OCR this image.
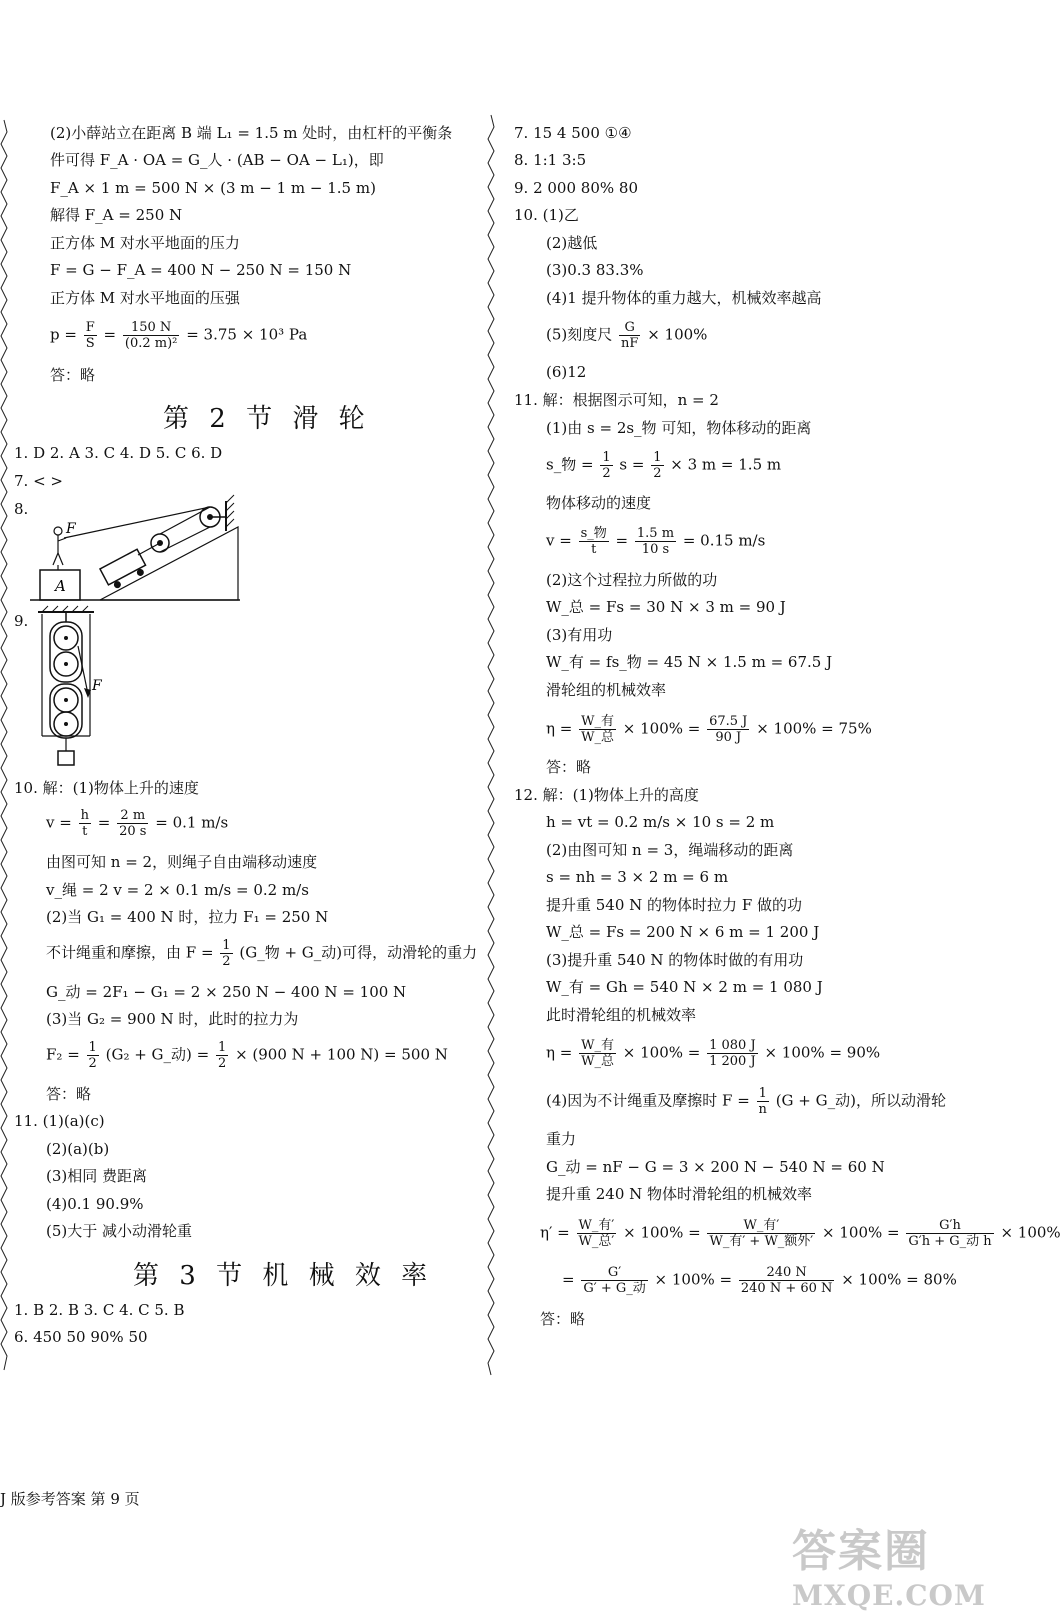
(2)小薛站立在距离 B 端 L₁ = 1.5 m 处时，由杠杆的平衡条
件可得 F_A · OA = G_人 · (AB − OA − L₁)，即
F_A × 1 m = 500 N × (3 m − 1 m − 1.5 m)
解得 F_A = 250 N
正方体 M 对水平地面的压力
F = G − F_A = 400 N − 250 N = 150 N
正方体 M 对水平地面的压强
$p = \frac{F}{S} = \frac{150 N}{\text{(0.2 m)²}} = 3.75 \times 10^3$ Pa
答：略
第 2 节 滑 轮
1. D 2. A 3. C 4. D 5. C 6. D
7. < >
8.
A
F
9.
F
10. 解：(1)物体上升的速度
$v = \frac{h}{t} = \frac{2 m}{20 s} = 0.1$ m/s
由图可知 n = 2，则绳子自由端移动速度
v_绳 = 2 v = 2 × 0.1 m/s = 0.2 m/s
(2)当 G₁ = 400 N 时，拉力 F₁ = 250 N
不计绳重和摩擦，由 $F = \frac{1}{2}$ (G_物 + G_动)可得，动滑轮的重力
G_动 = 2F₁ − G₁ = 2 × 250 N − 400 N = 100 N
(3)当 G₂ = 900 N 时，此时的拉力为
$F_2 = \frac{1}{2} (G_2$ + G_动) = $\frac{1}{2} \times (900$ N + 100 N) = 500 N
答：略
11. (1)(a)(c)
(2)(a)(b)
(3)相同 费距离
(4)0.1 90.9%
(5)大于 减小动滑轮重
第 3 节 机 械 效 率
1. B 2. B 3. C 4. C 5. B
6. 450 50 90% 50
7. 15 4 500 ①④
8. 1:1 3:5
9. 2 000 80% 80
10. (1)乙
(2)越低
(3)0.3 83.3%
(4)1 提升物体的重力越大，机械效率越高
(5)刻度尺 $\frac{G}{nF} \times 100\%$
(6)12
11. 解：根据图示可知，n = 2
(1)由 s = 2s_物 可知，物体移动的距离
s_物 = $\frac{1}{2}$ $s = \frac{1}{2} \times 3$ m = 1.5 m
物体移动的速度
$v = \frac{\text{s\_物}}{t} = \frac{1.5 m}{10 s} = 0.15$ m/s
(2)这个过程拉力所做的功
W_总 = Fs = 30 N × 3 m = 90 J
(3)有用功
W_有 = fs_物 = 45 N × 1.5 m = 67.5 J
滑轮组的机械效率
$\eta = \frac{\text{W\_有}}{\text{W\_总}} \times 100\% = \frac{67.5 J}{90 J} \times 100\% = 75\%$
答：略
12. 解：(1)物体上升的高度
h = vt = 0.2 m/s × 10 s = 2 m
(2)由图可知 n = 3，绳端移动的距离
s = nh = 3 × 2 m = 6 m
提升重 540 N 的物体时拉力 F 做的功
W_总 = Fs = 200 N × 6 m = 1 200 J
(3)提升重 540 N 的物体时做的有用功
W_有 = Gh = 540 N × 2 m = 1 080 J
此时滑轮组的机械效率
$\eta = \frac{\text{W\_有}}{\text{W\_总}} \times 100\% = \frac{1 080 J}{1 200 J} \times 100\% = 90\%$
(4)因为不计绳重及摩擦时 $F = \frac{1}{n} (G$ + G_动)，所以动滑轮
重力
G_动 = nF − G = 3 × 200 N − 540 N = 60 N
提升重 240 N 物体时滑轮组的机械效率
$\eta' = \frac{\text{W\_有′}}{\text{W\_总′}} \times 100\% = \frac{\text{W\_有′}}{\text{W\_有′ + W\_额外′}} \times 100\% = \frac{G'h}{\text{G′h + G\_动 h}} \times 100\%$
= $\frac{G'}{\text{G′ + G\_动}} \times 100\% = \frac{240 N}{240 N + 60 N} \times 100\% = 80\%$
答：略
J 版参考答案 第 9 页
答案圈
MXQE.COM
